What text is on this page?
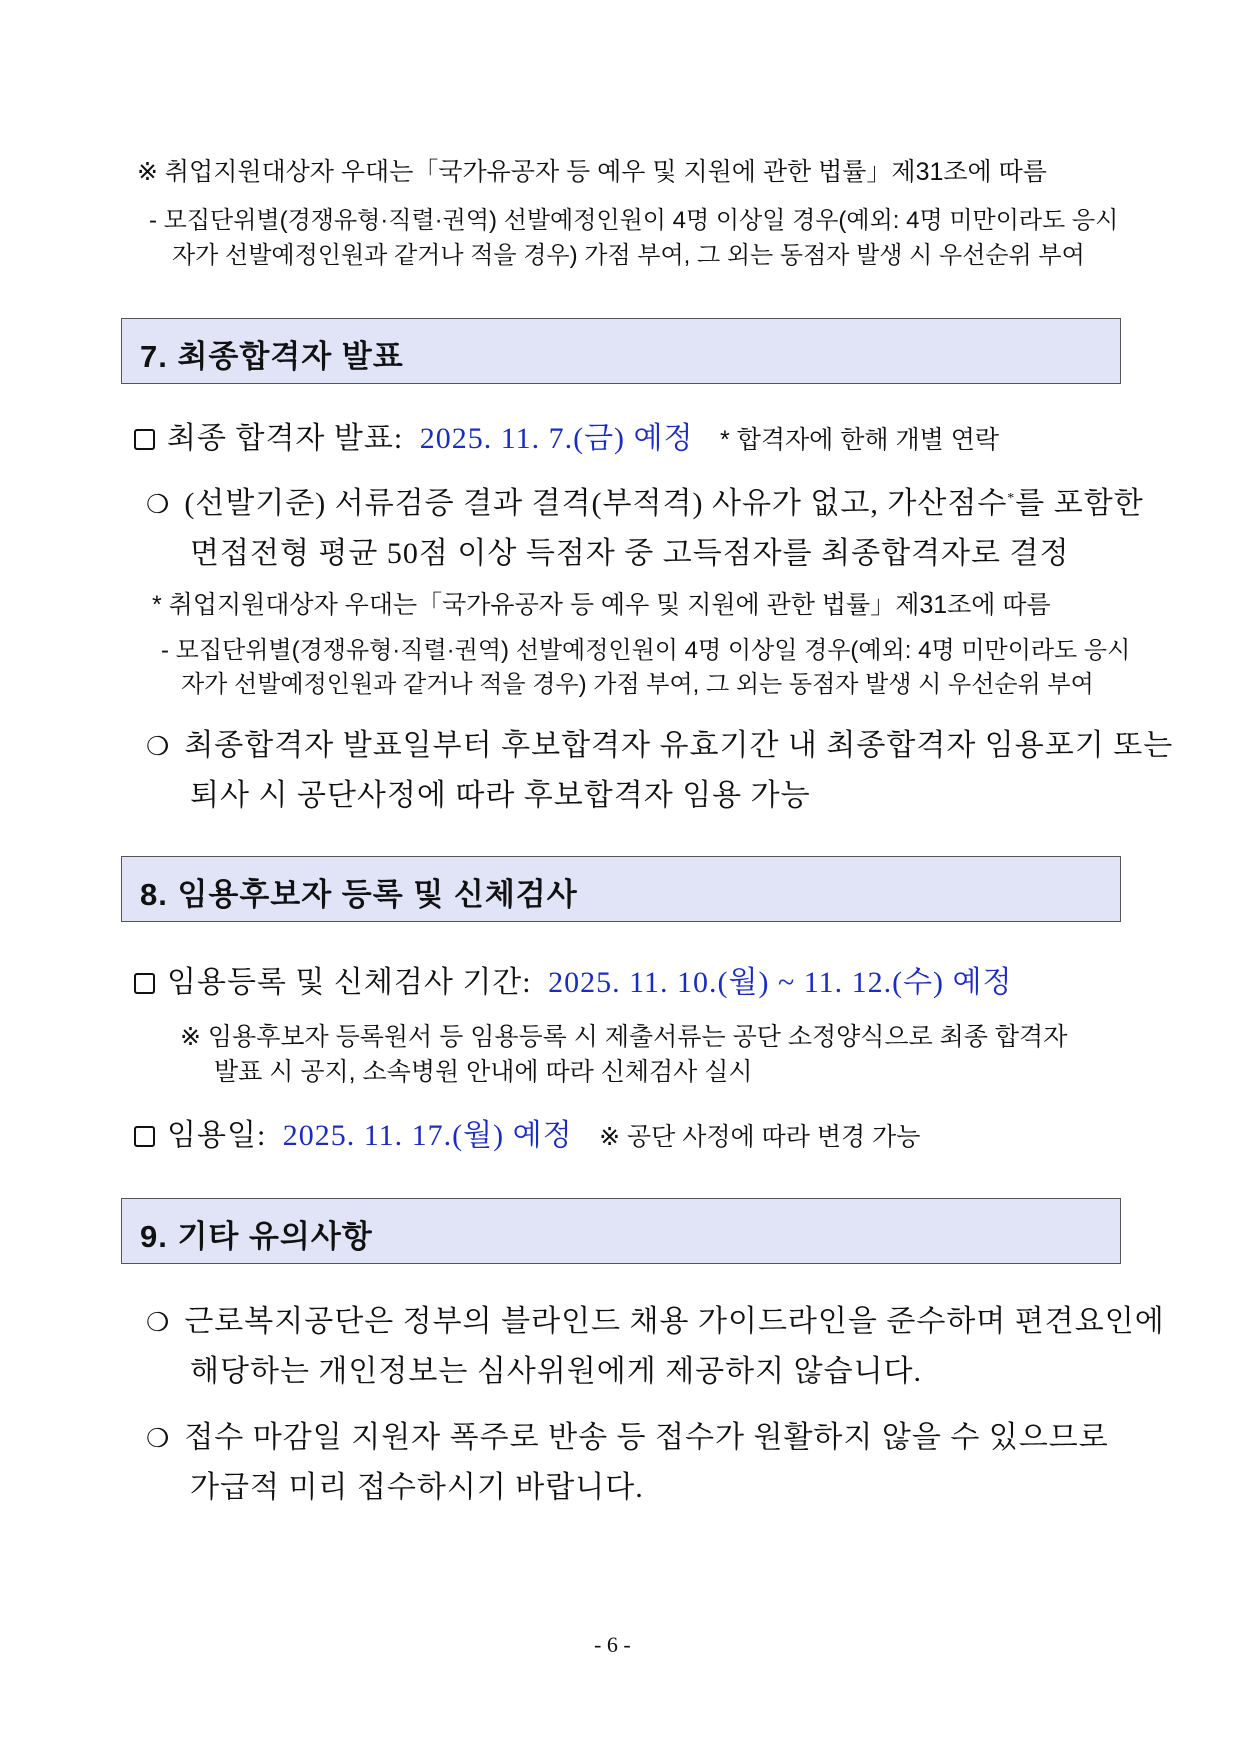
※ 취업지원대상자 우대는「국가유공자 등 예우 및 지원에 관한 법률」제31조에 따름
- 모집단위별(경쟁유형·직렬·권역) 선발예정인원이 4명 이상일 경우(예외: 4명 미만이라도 응시
자가 선발예정인원과 같거나 적을 경우) 가점 부여, 그 외는 동점자 발생 시 우선순위 부여
7. 최종합격자 발표
최종 합격자 발표: 2025. 11. 7.(금) 예정 * 합격자에 한해 개별 연락
❍ (선발기준) 서류검증 결과 결격(부적격) 사유가 없고, 가산점수*를 포함한
면접전형 평균 50점 이상 득점자 중 고득점자를 최종합격자로 결정
* 취업지원대상자 우대는「국가유공자 등 예우 및 지원에 관한 법률」제31조에 따름
- 모집단위별(경쟁유형·직렬·권역) 선발예정인원이 4명 이상일 경우(예외: 4명 미만이라도 응시
자가 선발예정인원과 같거나 적을 경우) 가점 부여, 그 외는 동점자 발생 시 우선순위 부여
❍ 최종합격자 발표일부터 후보합격자 유효기간 내 최종합격자 임용포기 또는
퇴사 시 공단사정에 따라 후보합격자 임용 가능
8. 임용후보자 등록 및 신체검사
임용등록 및 신체검사 기간: 2025. 11. 10.(월) ~ 11. 12.(수) 예정
※ 임용후보자 등록원서 등 임용등록 시 제출서류는 공단 소정양식으로 최종 합격자
발표 시 공지, 소속병원 안내에 따라 신체검사 실시
임용일: 2025. 11. 17.(월) 예정 ※ 공단 사정에 따라 변경 가능
9. 기타 유의사항
❍ 근로복지공단은 정부의 블라인드 채용 가이드라인을 준수하며 편견요인에
해당하는 개인정보는 심사위원에게 제공하지 않습니다.
❍ 접수 마감일 지원자 폭주로 반송 등 접수가 원활하지 않을 수 있으므로
가급적 미리 접수하시기 바랍니다.
- 6 -
